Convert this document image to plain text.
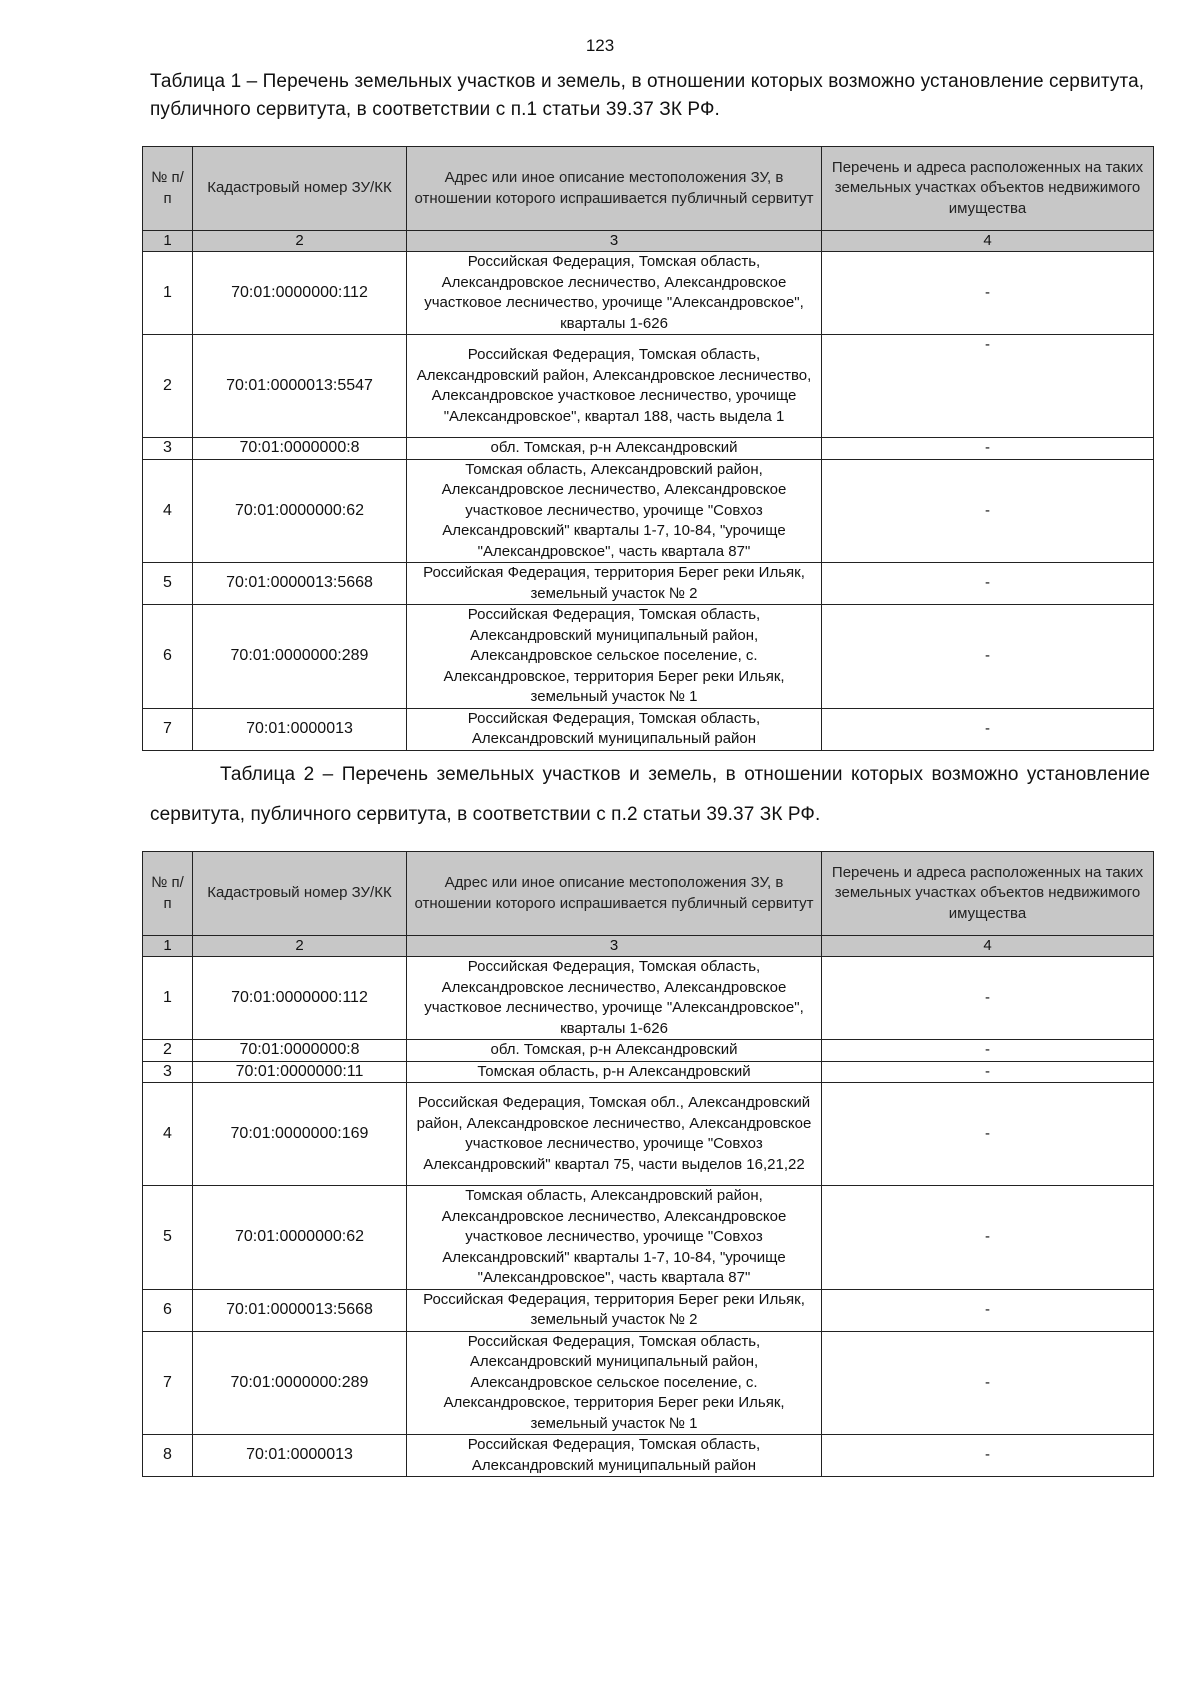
123
Таблица 1 – Перечень земельных участков и земель, в отношении которых возможно установление сервитута, публичного сервитута, в соответствии с п.1 статьи 39.37 ЗК РФ.
№ п/п	Кадастровый номер ЗУ/КК	Адрес или иное описание местоположения ЗУ, в отношении которого испрашивается публичный сервитут	Перечень и адреса расположенных на таких земельных участках объектов недвижимого имущества
1	2	3	4
1	70:01:0000000:112	Российская Федерация, Томская область, Александровское лесничество, Александровское участковое лесничество, урочище "Александровское", кварталы 1-626	-
2	70:01:0000013:5547	Российская Федерация, Томская область, Александровский район, Александровское лесничество, Александровское участковое лесничество, урочище "Александровское", квартал 188, часть выдела 1	-
3	70:01:0000000:8	обл. Томская, р-н Александровский	-
4	70:01:0000000:62	Томская область, Александровский район, Александровское лесничество, Александровское участковое лесничество, урочище "Совхоз Александровский" кварталы 1-7, 10-84, "урочище "Александровское", часть квартала 87"	-
5	70:01:0000013:5668	Российская Федерация, территория Берег реки Ильяк, земельный участок № 2	-
6	70:01:0000000:289	Российская Федерация, Томская область, Александровский муниципальный район, Александровское сельское поселение, с. Александровское, территория Берег реки Ильяк, земельный участок № 1	-
7	70:01:0000013	Российская Федерация, Томская область, Александровский муниципальный район	-
Таблица 2 – Перечень земельных участков и земель, в отношении которых возможно установление сервитута, публичного сервитута, в соответствии с п.2 статьи 39.37 ЗК РФ.
№ п/п	Кадастровый номер ЗУ/КК	Адрес или иное описание местоположения ЗУ, в отношении которого испрашивается публичный сервитут	Перечень и адреса расположенных на таких земельных участках объектов недвижимого имущества
1	2	3	4
1	70:01:0000000:112	Российская Федерация, Томская область, Александровское лесничество, Александровское участковое лесничество, урочище "Александровское", кварталы 1-626	-
2	70:01:0000000:8	обл. Томская, р-н Александровский	-
3	70:01:0000000:11	Томская область, р-н Александровский	-
4	70:01:0000000:169	Российская Федерация, Томская обл., Александровский район, Александровское лесничество, Александровское участковое лесничество, урочище "Совхоз Александровский" квартал 75, части выделов 16,21,22	-
5	70:01:0000000:62	Томская область, Александровский район, Александровское лесничество, Александровское участковое лесничество, урочище "Совхоз Александровский" кварталы 1-7, 10-84, "урочище "Александровское", часть квартала 87"	-
6	70:01:0000013:5668	Российская Федерация, территория Берег реки Ильяк, земельный участок № 2	-
7	70:01:0000000:289	Российская Федерация, Томская область, Александровский муниципальный район, Александровское сельское поселение, с. Александровское, территория Берег реки Ильяк, земельный участок № 1	-
8	70:01:0000013	Российская Федерация, Томская область, Александровский муниципальный район	-
